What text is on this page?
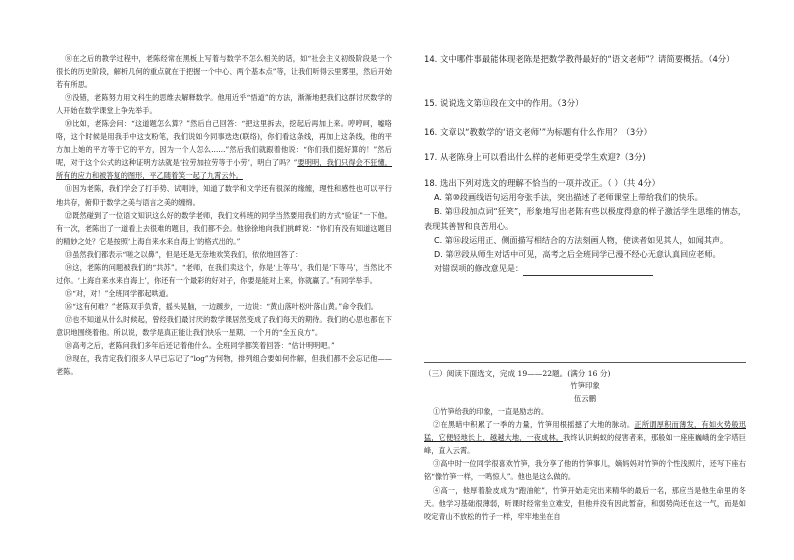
⑧在之后的教学过程中，老陈经常在黑板上写着与数学不怎么相关的话，如“社会主义初级阶段是一个很长的历史阶段，解析几何的重点就在于把握一个中心、两个基本点”等，让我们听得云里雾里，然后开始若有所思。

⑨没错，老陈努力用文科生的思维去解释数学。他用近乎“悟道”的方法，渐渐地把我们这群讨厌数学的人开始在数学课堂上争先举手。

⑩比如，老陈会问：“这道题怎么算？”然后自己回答：“把这里拆去，挖起后再加上来。哼哼呵，嘘咯咯，这个时候是用我手中这支粉笔，我们说如今同事迭迭(联络)，你们看这条线，再加上这条线，他的平方加上她的平方等于它的平方，因为一个人怎么……”然后我们就跟着他说：“你们我们挺好算的！”然后呢，对于这个公式的这种证明方法就是‘拉劳加拉劳等于小劳’，明白了吗？”要明明，我们只得会不狂懂，所有的应力和被答复的图形，平乙随着笑一起了九霄云外。

⑪因为老陈，我们学会了打手势、试唱诗，知道了数学和文学还有很深的缘缠，理性和感性也可以平行地共存，俯仰于数学之美与语言之美的缠绵。

⑫既然碰到了一位语文知识这么好的数学老师，我们文科班的同学当然要用我们的方式“验证”一下他。有一次，老陈出了一道看上去很难的题目，我们都不会。他徐徐地向我们挑衅说：“你们有没有知道这题目的精妙之处？它是按照‘上海自来水来自海上’的格式出的。”

⑬虽然我们都表示“嗟之以鼻”，但是还是无奈地欢笑我们，依依地回答了：

⑭这，老陈的问题被我们的“共苏”。“老师，在我们卖这个，你是‘上等马’，我们是‘下等马’，当然比不过你。‘上海自来水来自海上’，你还有一个最彩的好对子，你要是能对上来，你就赢了。”有同学举手。

⑮“对，对！”全班同学都起哄道。

⑯“这有何难？”老陈双手负背，摇头晃脑，一边踱步，一边说：“黄山落叶松叶落山黄。”命令我们。

⑰也不知道从什么时候起，曾经我们最讨厌的数学课居然变成了我们每天的期待。我们的心思也都在下意识地围绕着他。所以说，数学是真正能让我们快乐一星期、一个月的“全五良方”。

⑱高考之后，老陈问我们多年后还记着他什么。全班同学都笑着回答：“估计明明吧。”

⑲现在，我肯定我们很多人早已忘记了“log”为何物，排列组合要如何作解，但我们都不会忘记他——老陈。

14. 文中哪件事最能体现老陈是把数学教得最好的“语文老师”？请简要概括。（4分）

15. 说说选文第⑪段在文中的作用。（3分）

16. 文章以“教数学的‘语文老师’”为标题有什么作用？（3分）

17. 从老陈身上可以看出什么样的老师更受学生欢迎?（3分)

18. 选出下列对选文的理解不恰当的一项并改正。（ ）（共 4分）

A. 第⑩段画线语句运用夸张手法，突出描述了老师课堂上带给我们的快乐。

B. 第⑬段加点词“狂笑”，形象地写出老陈有些以极度得意的样子激活学生思维的情态，表现其善智和良苦用心。

C. 第⑯段运用正、侧面描写相结合的方法刻画人物，使读者如见其人，如闻其声。

D. 第⑲段从师生对话中可见，高考之后全班同学已漫不经心无意认真回应老师。

对错误项的修改意见是：

（三）阅读下面选文，完成 19——22题。(满分 16 分)

竹笋印象

伍云鹏

①竹笋给我的印象，一直是励志的。

②在黑暗中积累了一季的力量，竹笋用根摇撼了大地的脉动。正所谓厚积而薄发，有如火势般迅猛，它便轻地长上，越越大地，一夜成林。我终认识蚂蚁的侵害者来，那般如一座座巍峨的金字塔巨峰，直入云霄。

③高中时一位同学很喜欢竹笋，我分享了他的竹笋事儿，嫡妈妈对竹笋的个性浅照片，还写下座右铭“像竹笋一样，一鸣惊人”。他也是这么做的。

④高一，他厚着脸皮成为“跑油舵”，竹笋开始走完出来精华的最后一名，那应当是他生命里的冬天。他学习基础很薄弱，听课时经常坐立难安，但他并没有因此暂奋，和弱势尚还在这一气，而是如咬定青山不放松的竹子一样，牢牢地坐在自
